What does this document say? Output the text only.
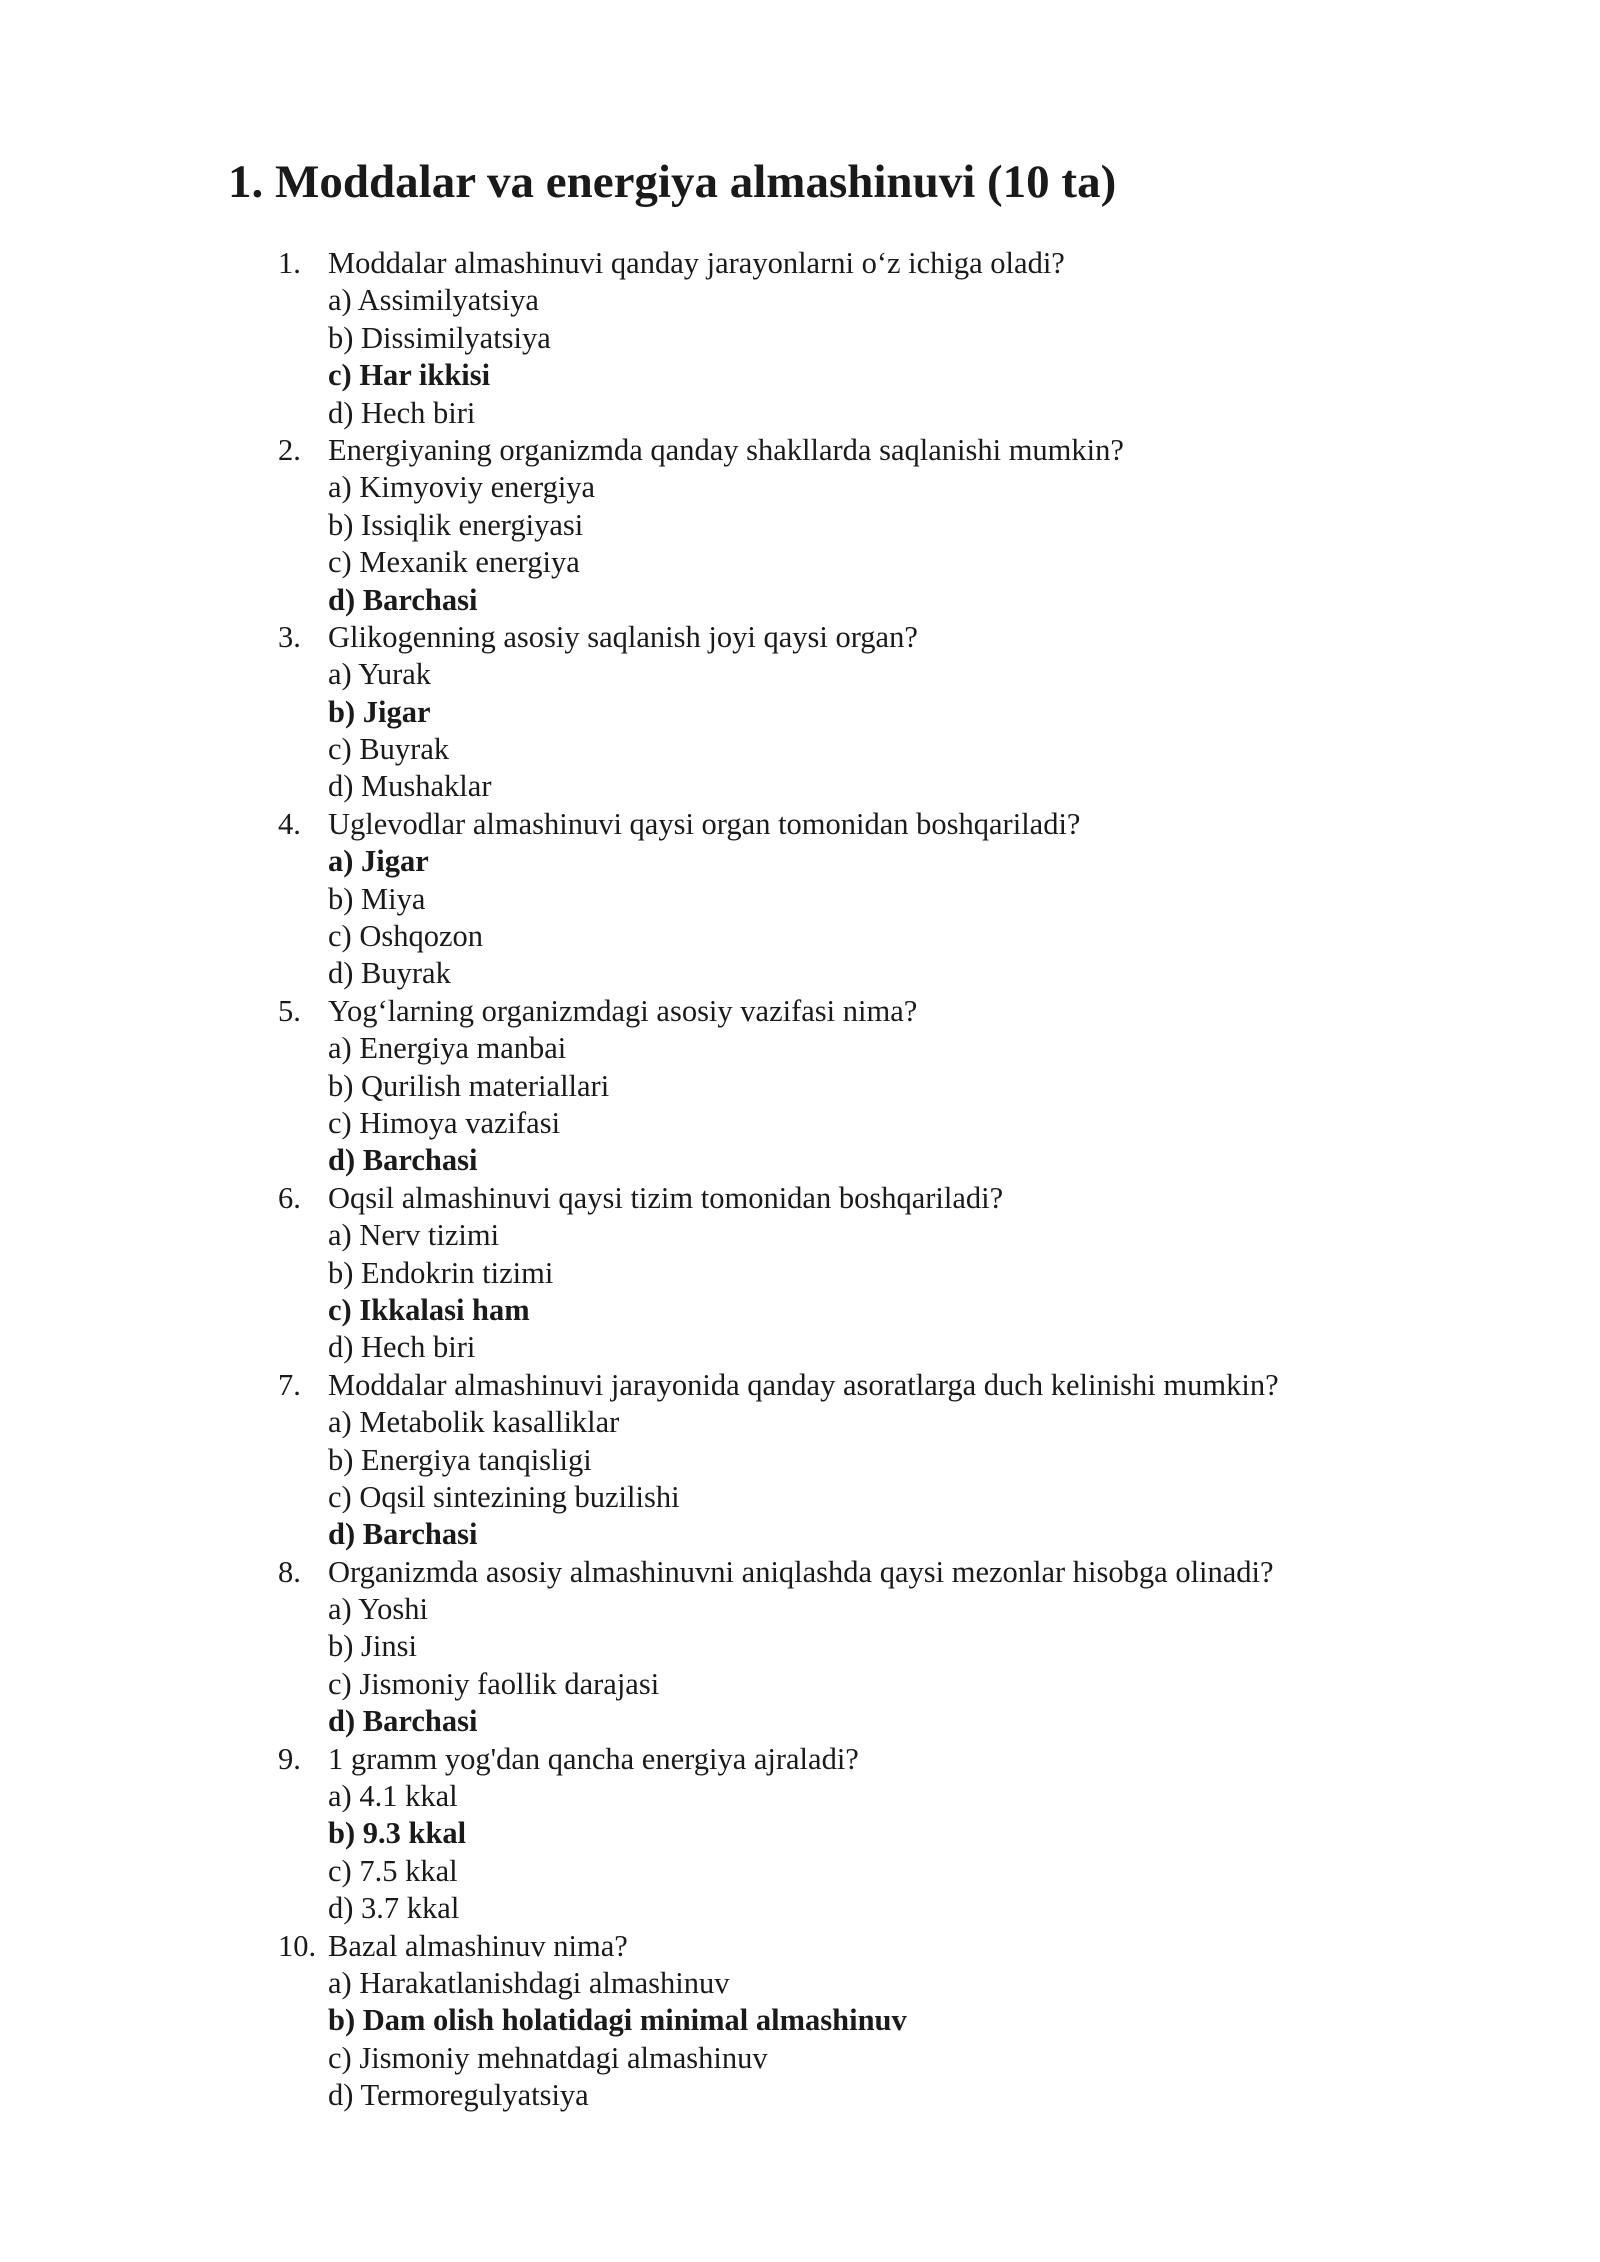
1. Moddalar va energiya almashinuvi (10 ta)
1. Moddalar almashinuvi qanday jarayonlarni o‘z ichiga oladi?
a) Assimilyatsiya
b) Dissimilyatsiya
c) Har ikkisi
d) Hech biri
2. Energiyaning organizmda qanday shakllarda saqlanishi mumkin?
a) Kimyoviy energiya
b) Issiqlik energiyasi
c) Mexanik energiya
d) Barchasi
3. Glikogenning asosiy saqlanish joyi qaysi organ?
a) Yurak
b) Jigar
c) Buyrak
d) Mushaklar
4. Uglevodlar almashinuvi qaysi organ tomonidan boshqariladi?
a) Jigar
b) Miya
c) Oshqozon
d) Buyrak
5. Yog‘larning organizmdagi asosiy vazifasi nima?
a) Energiya manbai
b) Qurilish materiallari
c) Himoya vazifasi
d) Barchasi
6. Oqsil almashinuvi qaysi tizim tomonidan boshqariladi?
a) Nerv tizimi
b) Endokrin tizimi
c) Ikkalasi ham
d) Hech biri
7. Moddalar almashinuvi jarayonida qanday asoratlarga duch kelinishi mumkin?
a) Metabolik kasalliklar
b) Energiya tanqisligi
c) Oqsil sintezining buzilishi
d) Barchasi
8. Organizmda asosiy almashinuvni aniqlashda qaysi mezonlar hisobga olinadi?
a) Yoshi
b) Jinsi
c) Jismoniy faollik darajasi
d) Barchasi
9. 1 gramm yog'dan qancha energiya ajraladi?
a) 4.1 kkal
b) 9.3 kkal
c) 7.5 kkal
d) 3.7 kkal
10. Bazal almashinuv nima?
a) Harakatlanishdagi almashinuv
b) Dam olish holatidagi minimal almashinuv
c) Jismoniy mehnatdagi almashinuv
d) Termoregulyatsiya
